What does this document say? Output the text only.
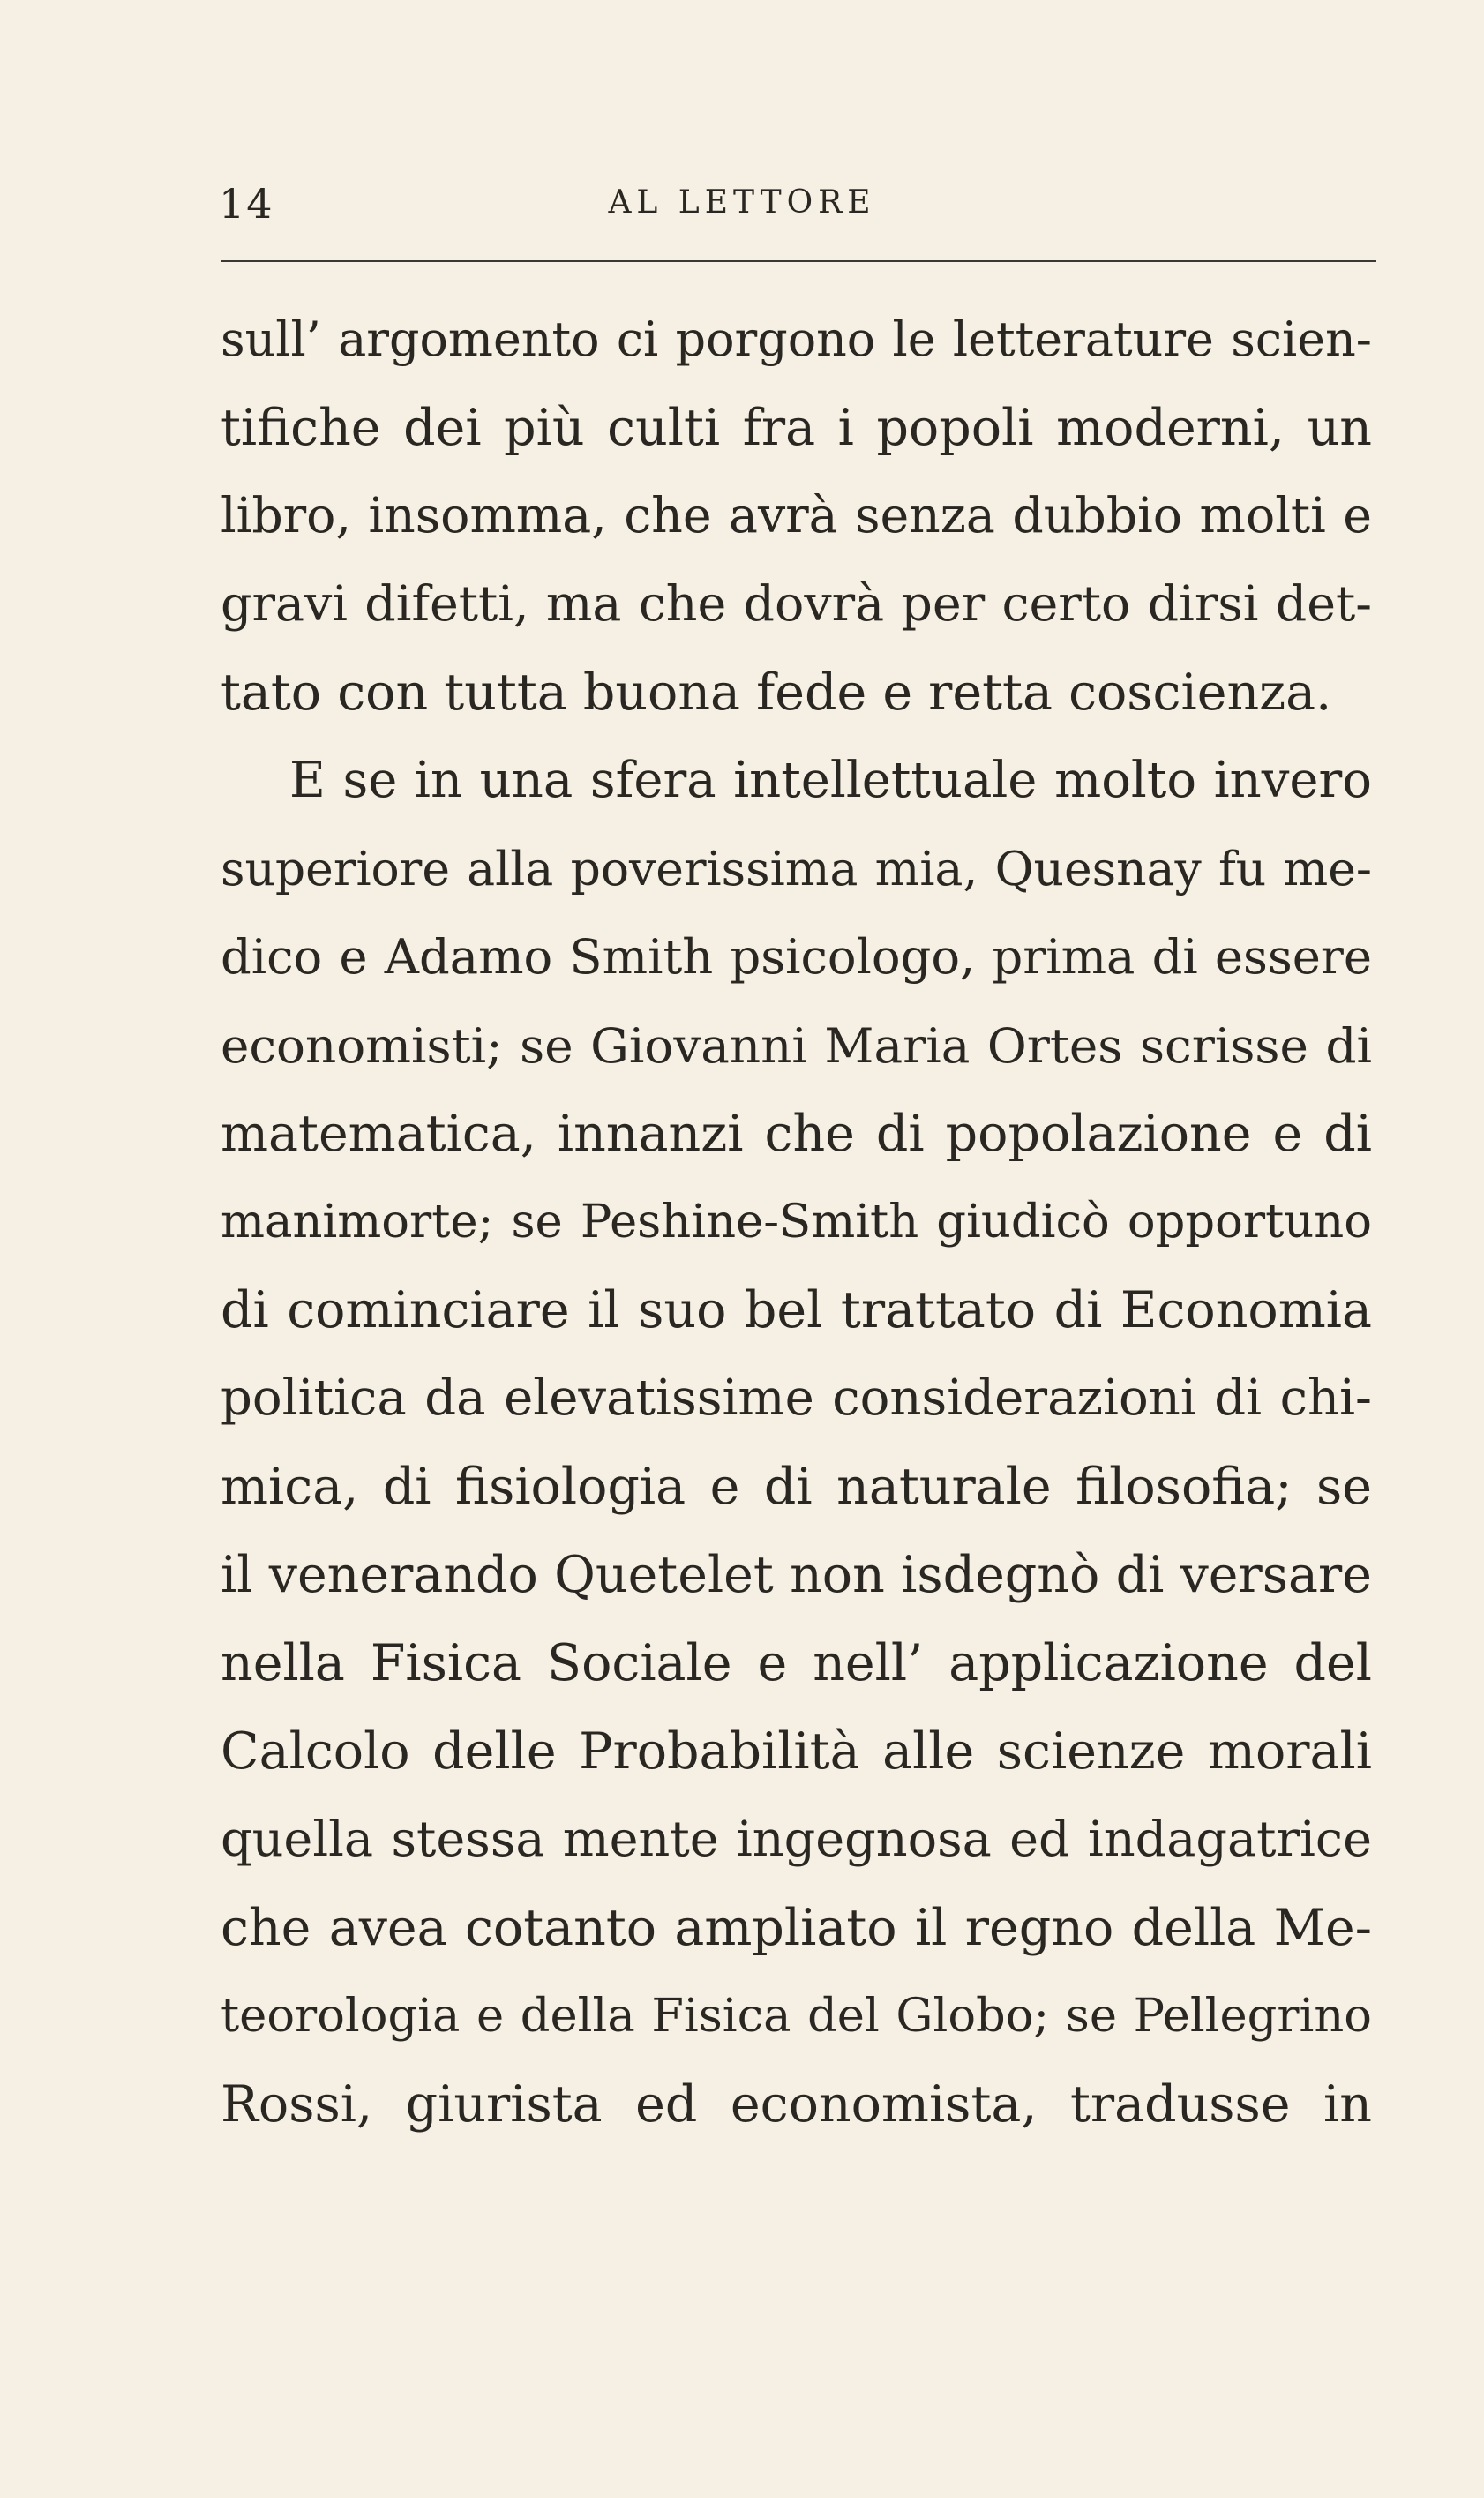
14	AL LETTORE
sull’ argomento ci porgono le letterature scien-
tifiche dei più culti fra i popoli moderni, un
libro, insomma, che avrà senza dubbio molti e
gravi difetti, ma che dovrà per certo dirsi det-
tato con tutta buona fede e retta coscienza.
E se in una sfera intellettuale molto invero
superiore alla poverissima mia, Quesnay fu me-
dico e Adamo Smith psicologo, prima di essere
economisti; se Giovanni Maria Ortes scrisse di
matematica, innanzi che di popolazione e di
manimorte; se Peshine-Smith giudicò opportuno
di cominciare il suo bel trattato di Economia
politica da elevatissime considerazioni di chi-
mica, di fisiologia e di naturale filosofia; se
il venerando Quetelet non isdegnò di versare
nella Fisica Sociale e nell’ applicazione del
Calcolo delle Probabilità alle scienze morali
quella stessa mente ingegnosa ed indagatrice
che avea cotanto ampliato il regno della Me-
teorologia e della Fisica del Globo; se Pellegrino
Rossi, giurista ed economista, tradusse in
